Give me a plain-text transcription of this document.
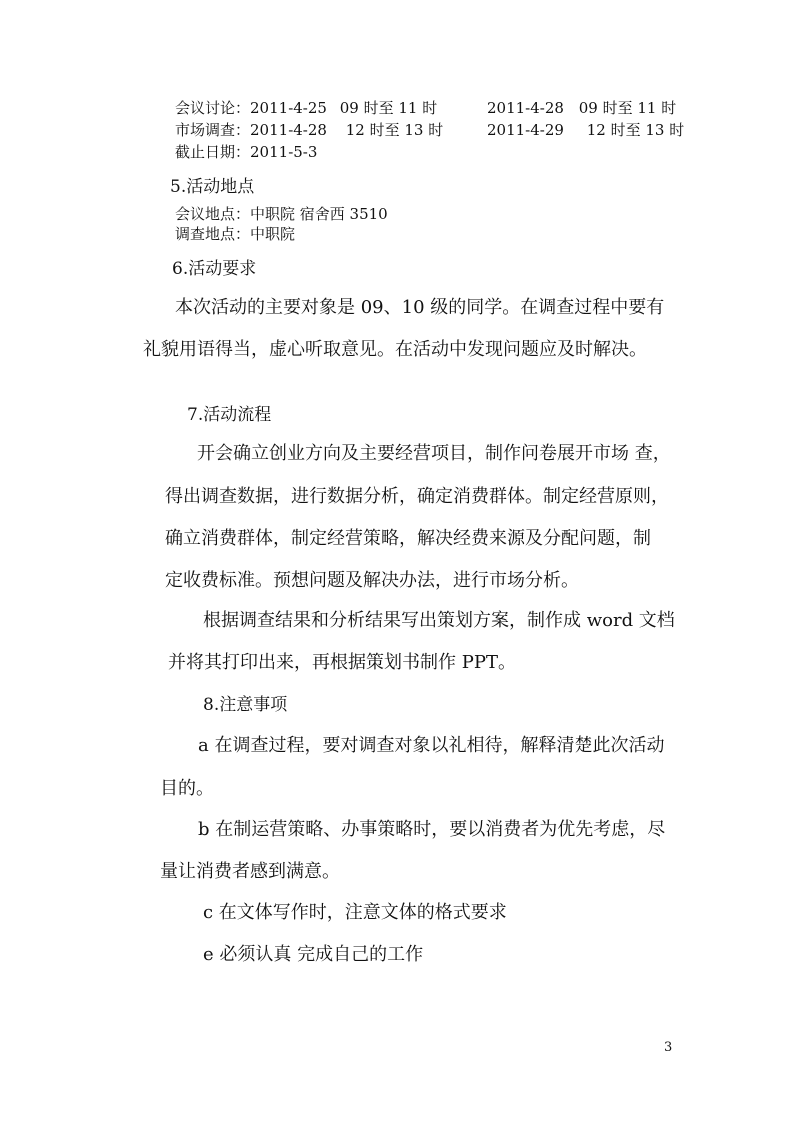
会议讨论：2011-4-25 09 时至 11 时	2011-4-28 09 时至 11 时
市场调查：2011-4-28 12 时至 13 时	2011-4-29 12 时至 13 时
截止日期：2011-5-3
5.活动地点
会议地点：中职院 宿舍西 3510
调查地点：中职院
6.活动要求
本次活动的主要对象是 09、10 级的同学。在调查过程中要有
礼貌用语得当，虚心听取意见。在活动中发现问题应及时解决。
7.活动流程
开会确立创业方向及主要经营项目，制作问卷展开市场 查，
得出调查数据，进行数据分析，确定消费群体。制定经营原则，
确立消费群体，制定经营策略，解决经费来源及分配问题，制
定收费标准。预想问题及解决办法，进行市场分析。
根据调查结果和分析结果写出策划方案，制作成 word 文档
并将其打印出来，再根据策划书制作 PPT。
8.注意事项
a 在调查过程，要对调查对象以礼相待，解释清楚此次活动
目的。
b 在制运营策略、办事策略时，要以消费者为优先考虑，尽
量让消费者感到满意。
c 在文体写作时，注意文体的格式要求
e 必须认真 完成自己的工作
3
